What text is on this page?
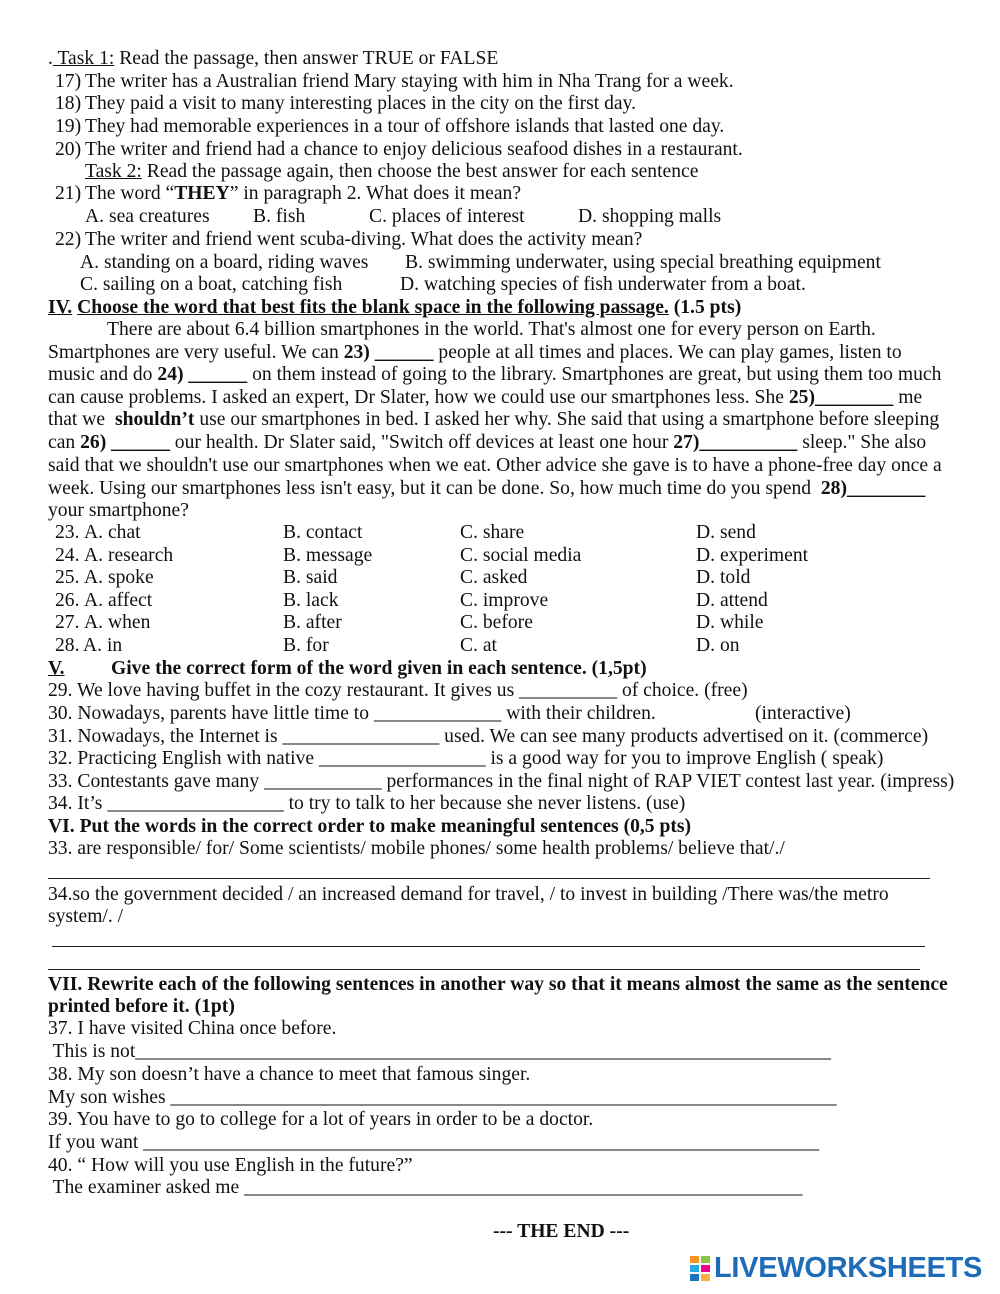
. Task 1: Read the passage, then answer TRUE or FALSE
17) The writer has a Australian friend Mary staying with him in Nha Trang for a week.
18) They paid a visit to many interesting places in the city on the first day.
19) They had memorable experiences in a tour of offshore islands that lasted one day.
20) The writer and friend had a chance to enjoy delicious seafood dishes in a restaurant.
Task 2: Read the passage again, then choose the best answer for each sentence
21) The word “THEY” in paragraph 2. What does it mean?
A. sea creatures B. fish	C. places of interest	D. shopping malls
22) The writer and friend went scuba-diving. What does the activity mean?
A. standing on a board, riding waves B. swimming underwater, using special breathing equipment
C. sailing on a boat, catching fish	D. watching species of fish underwater from a boat.
IV. Choose the word that best fits the blank space in the following passage. (1.5 pts)
There are about 6.4 billion smartphones in the world. That's almost one for every person on Earth.
Smartphones are very useful. We can 23) ______ people at all times and places. We can play games, listen to
music and do 24) ______ on them instead of going to the library. Smartphones are great, but using them too much
can cause problems. I asked an expert, Dr Slater, how we could use our smartphones less. She 25)________ me
that we  shouldn’t use our smartphones in bed. I asked her why. She said that using a smartphone before sleeping
can 26) ______ our health. Dr Slater said, "Switch off devices at least one hour 27)__________ sleep." She also
said that we shouldn't use our smartphones when we eat. Other advice she gave is to have a phone-free day once a
week. Using our smartphones less isn't easy, but it can be done. So, how much time do you spend  28)________
your smartphone?
23. A. chat	B. contact	C. share	D. send
24. A. research	B. message	C. social media	D. experiment
25. A. spoke	B. said	C. asked	D. told
26. A. affect	B. lack	C. improve	D. attend
27. A. when	B. after	C. before	D. while
28. A. in	B. for	C. at	D. on
V. Give the correct form of the word given in each sentence. (1,5pt)
29. We love having buffet in the cozy restaurant. It gives us __________ of choice. (free)
30. Nowadays, parents have little time to _____________ with their children.	(interactive)
31. Nowadays, the Internet is ________________ used. We can see many products advertised on it. (commerce)
32. Practicing English with native _________________ is a good way for you to improve English ( speak)
33. Contestants gave many ____________ performances in the final night of RAP VIET contest last year. (impress)
34. It’s __________________ to try to talk to her because she never listens. (use)
VI. Put the words in the correct order to make meaningful sentences (0,5 pts)
33. are responsible/ for/ Some scientists/ mobile phones/ some health problems/ believe that/./
34.so the government decided / an increased demand for travel, / to invest in building /There was/the metro
system/. /
VII. Rewrite each of the following sentences in another way so that it means almost the same as the sentence
printed before it. (1pt)
37. I have visited China once before.
This is not_______________________________________________________________________
38. My son doesn’t have a chance to meet that famous singer.
My son wishes ____________________________________________________________________
39. You have to go to college for a lot of years in order to be a doctor.
If you want _____________________________________________________________________
40. “ How will you use English in the future?”
The examiner asked me _________________________________________________________
--- THE END ---
LIVEWORKSHEETS
